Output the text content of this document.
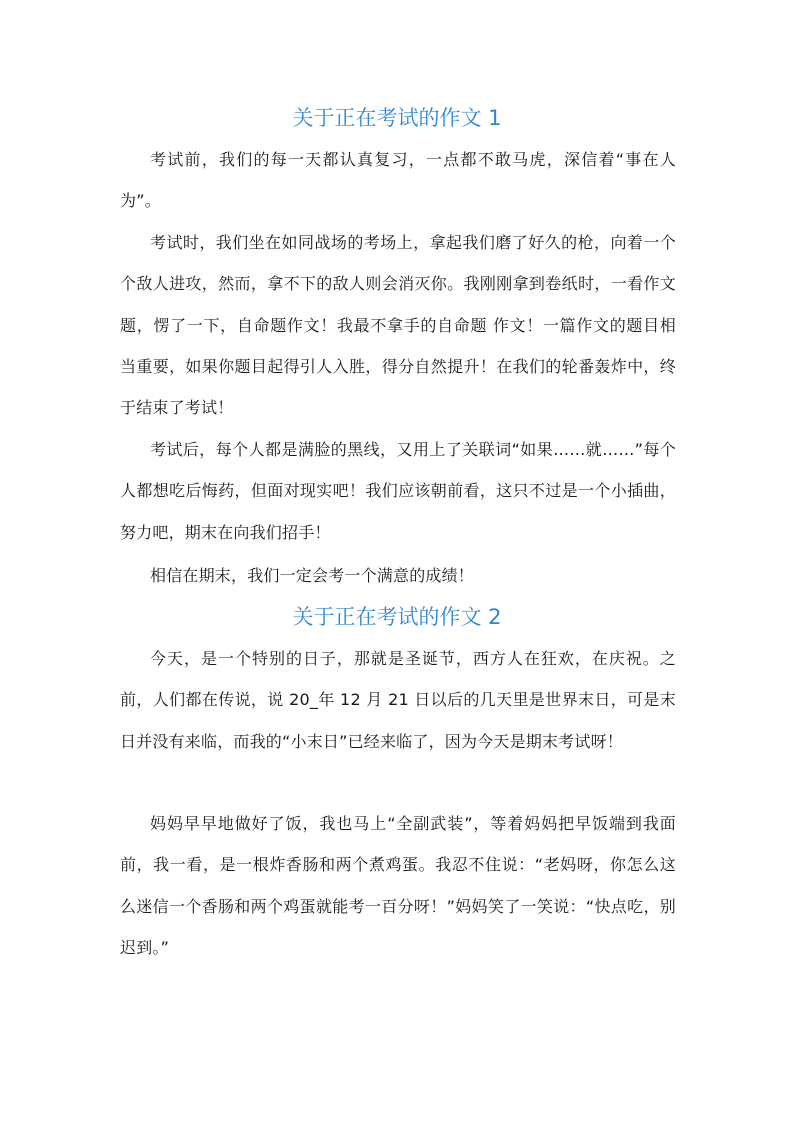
关于正在考试的作文 1

考试前，我们的每一天都认真复习，一点都不敢马虎，深信着“事在人为”。

考试时，我们坐在如同战场的考场上，拿起我们磨了好久的枪，向着一个个敌人进攻，然而，拿不下的敌人则会消灭你。我刚刚拿到卷纸时，一看作文题，愣了一下，自命题作文！我最不拿手的自命题 作文！一篇作文的题目相当重要，如果你题目起得引人入胜，得分自然提升！在我们的轮番轰炸中，终于结束了考试！

考试后，每个人都是满脸的黑线，又用上了关联词“如果……就……”每个人都想吃后悔药，但面对现实吧！我们应该朝前看，这只不过是一个小插曲，努力吧，期末在向我们招手！

相信在期末，我们一定会考一个满意的成绩！

关于正在考试的作文 2

今天，是一个特别的日子，那就是圣诞节，西方人在狂欢，在庆祝。之前，人们都在传说，说 20_年 12 月 21 日以后的几天里是世界末日，可是末日并没有来临，而我的“小末日”已经来临了，因为今天是期末考试呀！

妈妈早早地做好了饭，我也马上“全副武装”，等着妈妈把早饭端到我面前，我一看，是一根炸香肠和两个煮鸡蛋。我忍不住说：“老妈呀，你怎么这么迷信一个香肠和两个鸡蛋就能考一百分呀！”妈妈笑了一笑说：“快点吃，别迟到。”
